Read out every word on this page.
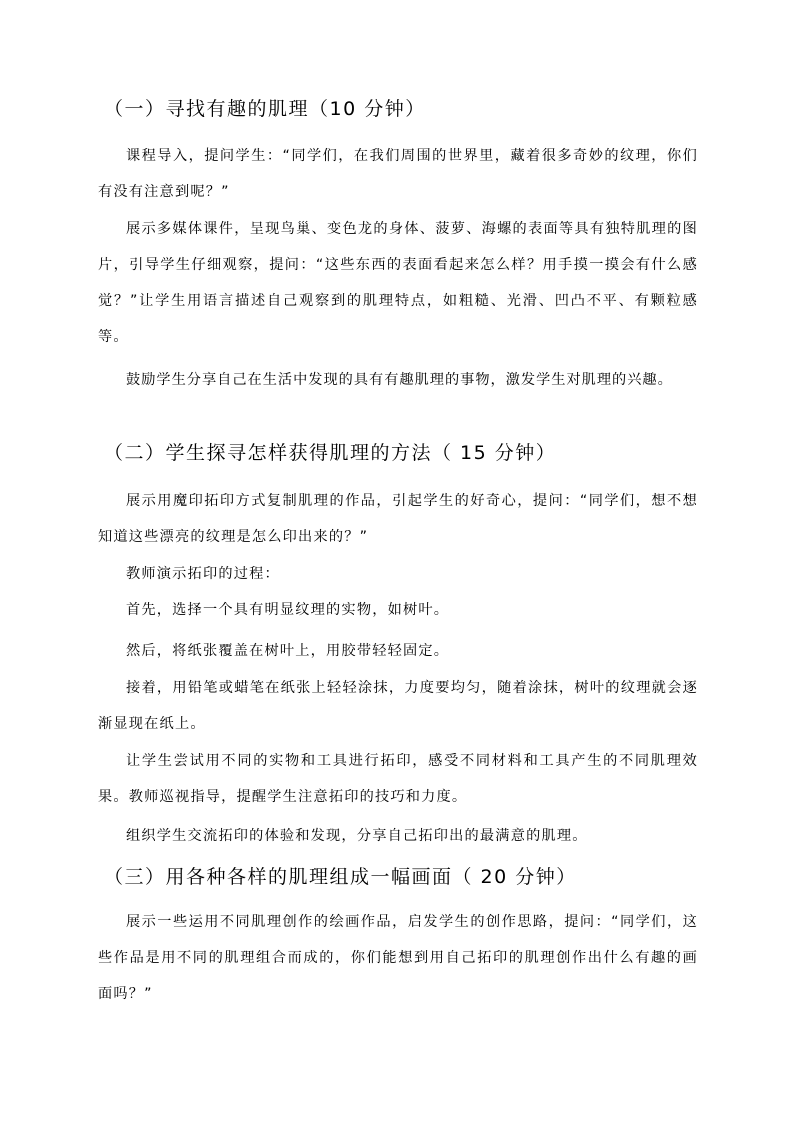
（一）寻找有趣的肌理（10 分钟）

课程导入，提问学生：“同学们，在我们周围的世界里，藏着很多奇妙的纹理，你们有没有注意到呢？”

展示多媒体课件，呈现鸟巢、变色龙的身体、菠萝、海螺的表面等具有独特肌理的图片，引导学生仔细观察，提问：“这些东西的表面看起来怎么样？用手摸一摸会有什么感觉？”让学生用语言描述自己观察到的肌理特点，如粗糙、光滑、凹凸不平、有颗粒感等。

鼓励学生分享自己在生活中发现的具有有趣肌理的事物，激发学生对肌理的兴趣。

（二）学生探寻怎样获得肌理的方法（ 15 分钟）

展示用魔印拓印方式复制肌理的作品，引起学生的好奇心，提问：“同学们，想不想知道这些漂亮的纹理是怎么印出来的？”

教师演示拓印的过程：

首先，选择一个具有明显纹理的实物，如树叶。

然后，将纸张覆盖在树叶上，用胶带轻轻固定。

接着，用铅笔或蜡笔在纸张上轻轻涂抹，力度要均匀，随着涂抹，树叶的纹理就会逐渐显现在纸上。

让学生尝试用不同的实物和工具进行拓印，感受不同材料和工具产生的不同肌理效果。教师巡视指导，提醒学生注意拓印的技巧和力度。

组织学生交流拓印的体验和发现，分享自己拓印出的最满意的肌理。

（三）用各种各样的肌理组成一幅画面（ 20 分钟）

展示一些运用不同肌理创作的绘画作品，启发学生的创作思路，提问：“同学们，这些作品是用不同的肌理组合而成的，你们能想到用自己拓印的肌理创作出什么有趣的画面吗？”
